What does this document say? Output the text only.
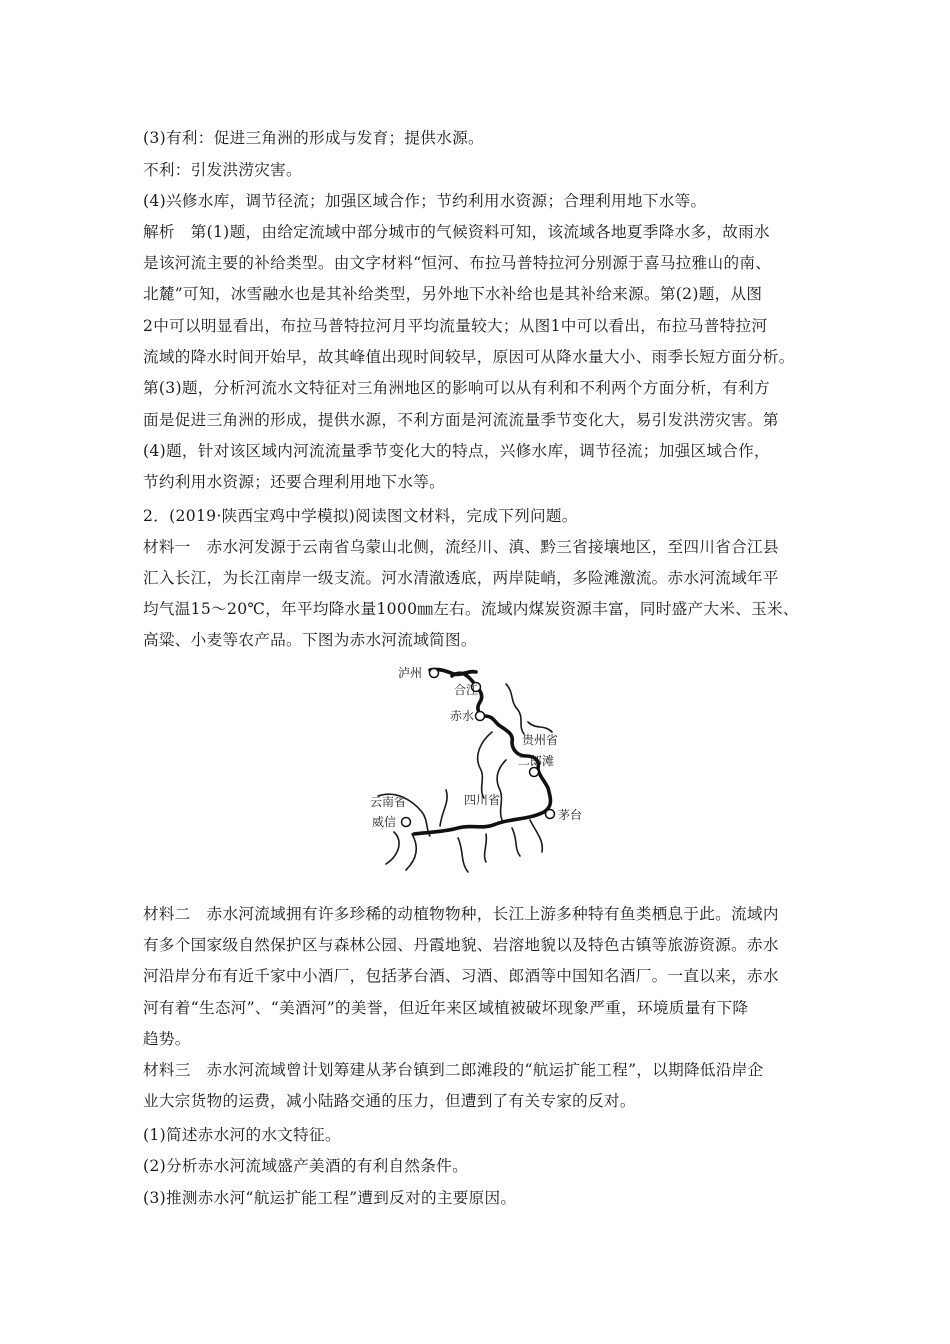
(3)有利：促进三角洲的形成与发育；提供水源。
不利：引发洪涝灾害。
(4)兴修水库，调节径流；加强区域合作；节约利用水资源；合理利用地下水等。
解析　第(1)题，由给定流域中部分城市的气候资料可知，该流域各地夏季降水多，故雨水
是该河流主要的补给类型。由文字材料“恒河、布拉马普特拉河分别源于喜马拉雅山的南、
北麓”可知，冰雪融水也是其补给类型，另外地下水补给也是其补给来源。第(2)题，从图
2中可以明显看出，布拉马普特拉河月平均流量较大；从图1中可以看出，布拉马普特拉河
流域的降水时间开始早，故其峰值出现时间较早，原因可从降水量大小、雨季长短方面分析。
第(3)题，分析河流水文特征对三角洲地区的影响可以从有利和不利两个方面分析，有利方
面是促进三角洲的形成，提供水源，不利方面是河流流量季节变化大，易引发洪涝灾害。第
(4)题，针对该区域内河流流量季节变化大的特点，兴修水库，调节径流；加强区域合作，
节约利用水资源；还要合理利用地下水等。
2．(2019·陕西宝鸡中学模拟)阅读图文材料，完成下列问题。
材料一　赤水河发源于云南省乌蒙山北侧，流经川、滇、黔三省接壤地区，至四川省合江县
汇入长江，为长江南岸一级支流。河水清澈透底，两岸陡峭，多险滩激流。赤水河流域年平
均气温15～20℃，年平均降水量1000㎜左右。流域内煤炭资源丰富，同时盛产大米、玉米、
高粱、小麦等农产品。下图为赤水河流域简图。
材料二　赤水河流域拥有许多珍稀的动植物物种，长江上游多种特有鱼类栖息于此。流域内
有多个国家级自然保护区与森林公园、丹霞地貌、岩溶地貌以及特色古镇等旅游资源。赤水
河沿岸分布有近千家中小酒厂，包括茅台酒、习酒、郎酒等中国知名酒厂。一直以来，赤水
河有着“生态河”、“美酒河”的美誉，但近年来区域植被破坏现象严重，环境质量有下降
趋势。
材料三　赤水河流域曾计划筹建从茅台镇到二郎滩段的“航运扩能工程”，以期降低沿岸企
业大宗货物的运费，减小陆路交通的压力，但遭到了有关专家的反对。
(1)简述赤水河的水文特征。
(2)分析赤水河流域盛产美酒的有利自然条件。
(3)推测赤水河“航运扩能工程”遭到反对的主要原因。
泸州
合江
赤水
贵州省
二郎滩
云南省	四川省
威信	茅台
